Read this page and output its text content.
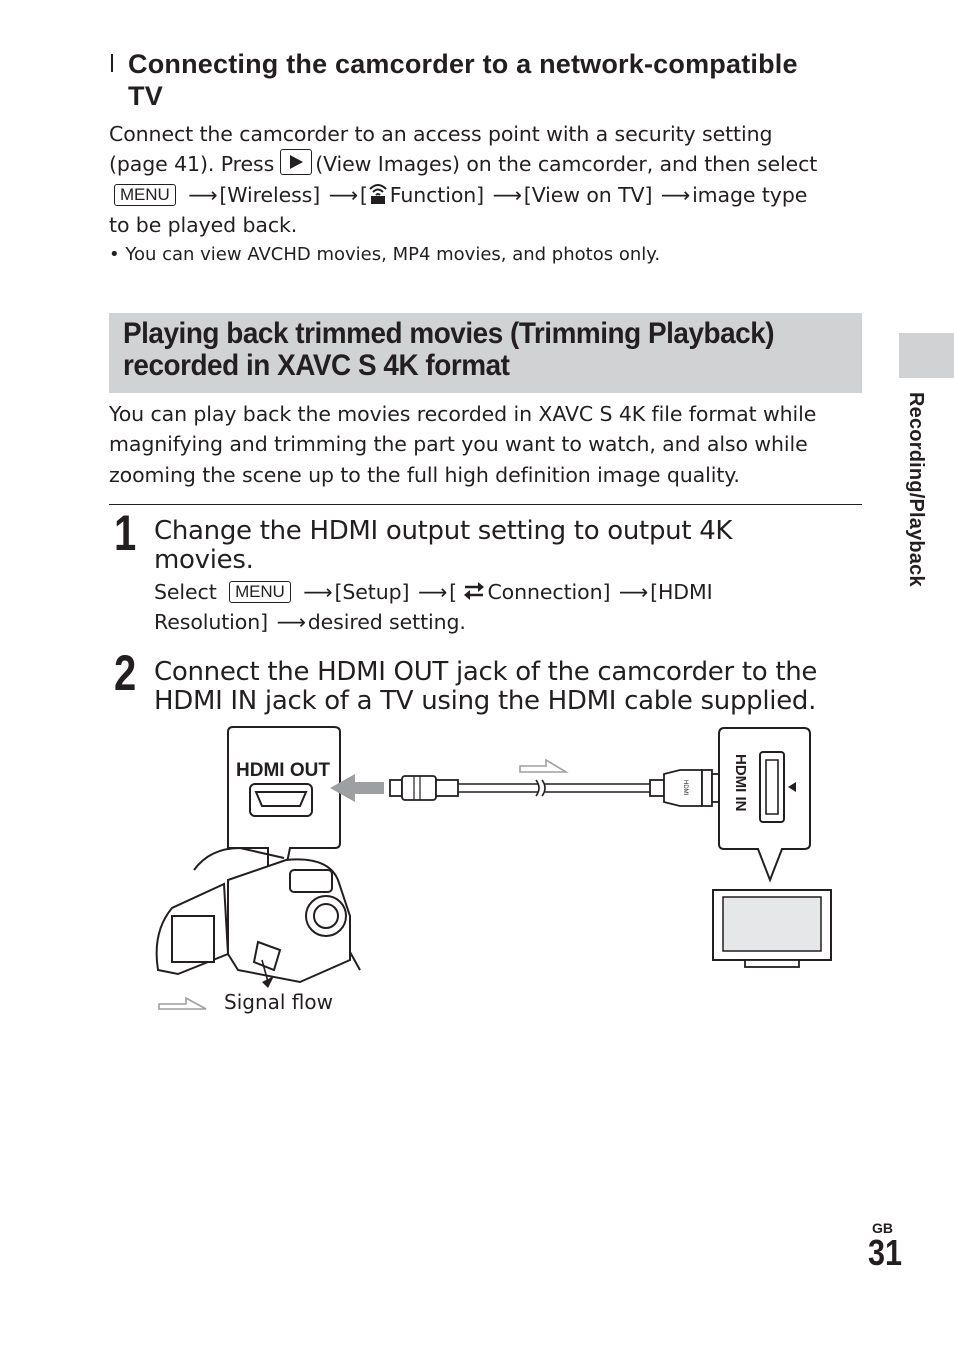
Connecting the camcorder to a network-compatible
TV
Connect the camcorder to an access point with a security setting
(page 41). Press (View Images) on the camcorder, and then select
MENU ⟶[Wireless] ⟶[ Function] ⟶[View on TV] ⟶image type
to be played back.
• You can view AVCHD movies, MP4 movies, and photos only.
Playing back trimmed movies (Trimming Playback)
recorded in XAVC S 4K format
You can play back the movies recorded in XAVC S 4K file format while
magnifying and trimming the part you want to watch, and also while
zooming the scene up to the full high definition image quality.
1 Change the HDMI output setting to output 4K
movies.
Select MENU ⟶[Setup] ⟶[ Connection] ⟶[HDMI
Resolution] ⟶desired setting.
2 Connect the HDMI OUT jack of the camcorder to the
HDMI IN jack of a TV using the HDMI cable supplied.
HDMI OUT
HDMI	HDMI IN
Signal flow
Recording/Playback
GB
31
